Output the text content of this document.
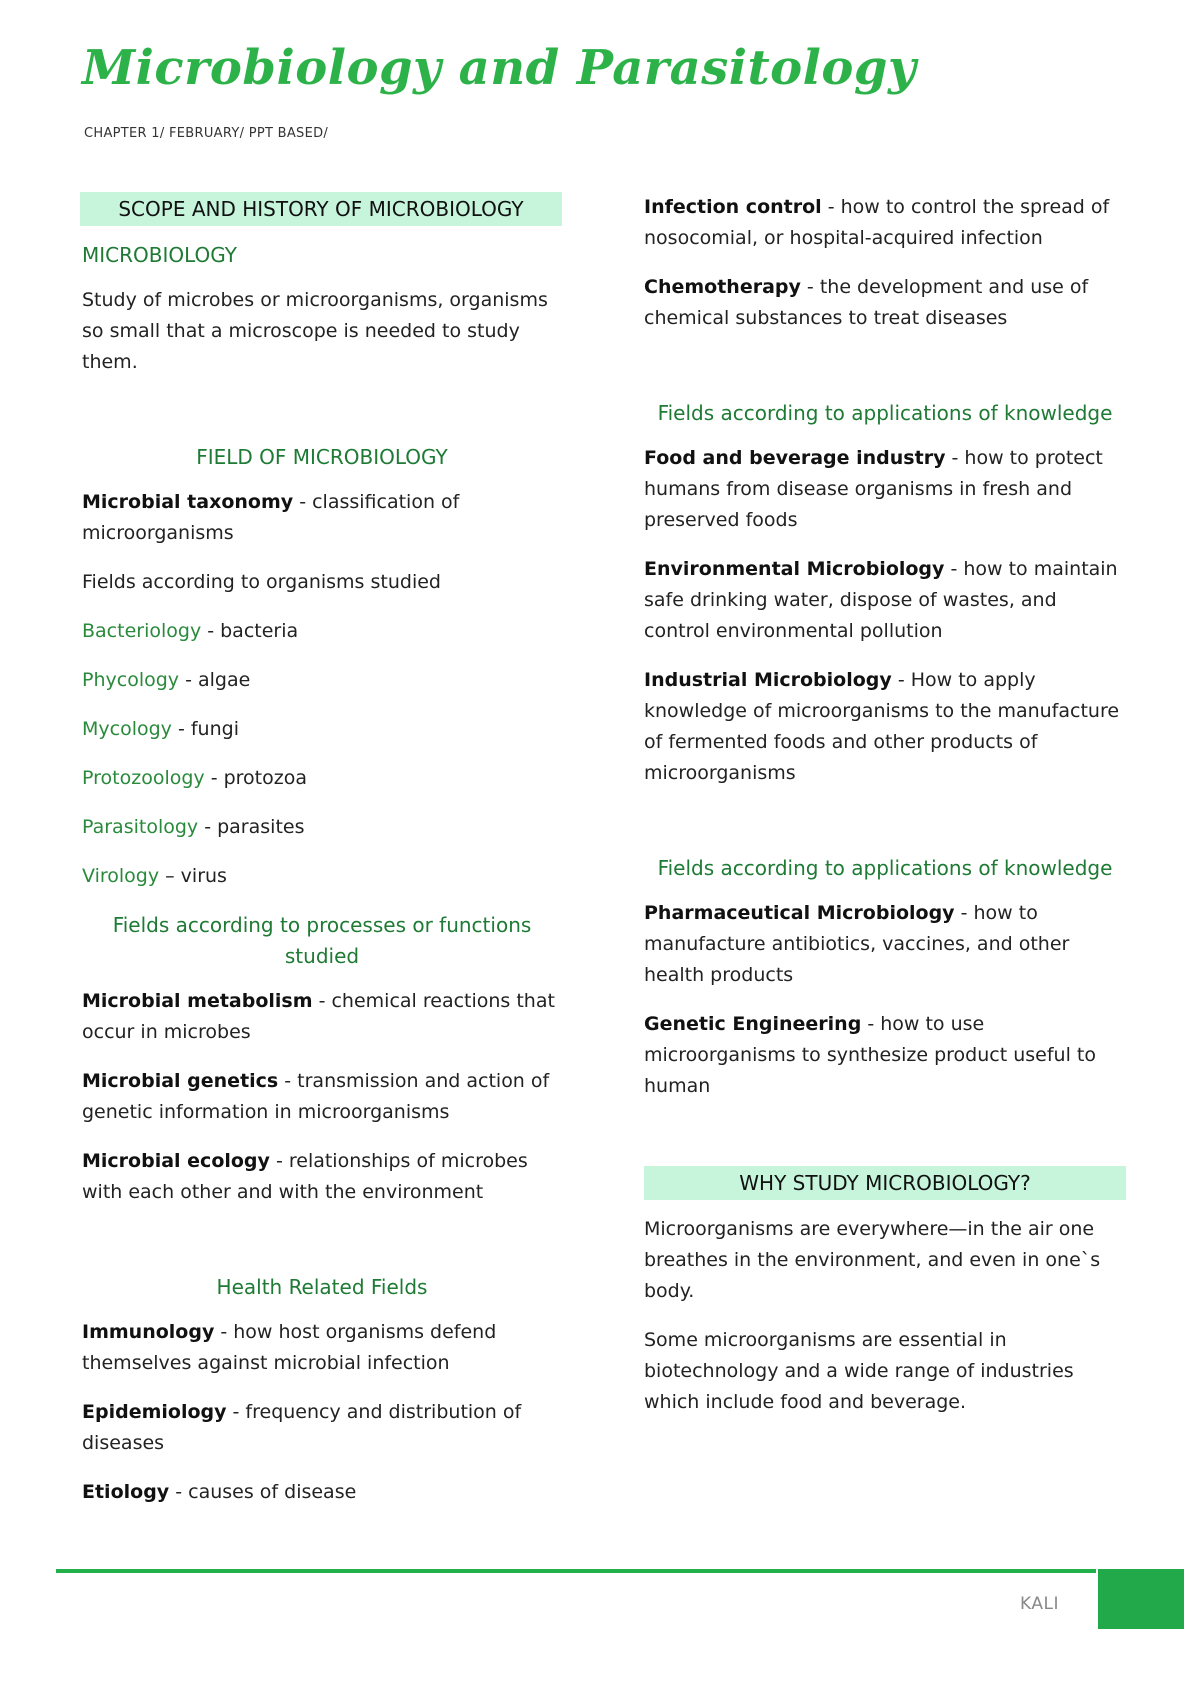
Microbiology and Parasitology
CHAPTER 1/ FEBRUARY/ PPT BASED/
SCOPE AND HISTORY OF MICROBIOLOGY
MICROBIOLOGY

Study of microbes or microorganisms, organisms so small that a microscope is needed to study them.

FIELD OF MICROBIOLOGY

Microbial taxonomy - classification of microorganisms

Fields according to organisms studied

Bacteriology - bacteria

Phycology - algae

Mycology - fungi

Protozoology - protozoa

Parasitology - parasites

Virology – virus

Fields according to processes or functions studied

Microbial metabolism - chemical reactions that occur in microbes

Microbial genetics - transmission and action of genetic information in microorganisms

Microbial ecology - relationships of microbes with each other and with the environment

Health Related Fields

Immunology - how host organisms defend themselves against microbial infection

Epidemiology - frequency and distribution of diseases

Etiology - causes of disease

Infection control - how to control the spread of nosocomial, or hospital-acquired infection

Chemotherapy - the development and use of chemical substances to treat diseases

Fields according to applications of knowledge

Food and beverage industry - how to protect humans from disease organisms in fresh and preserved foods

Environmental Microbiology - how to maintain safe drinking water, dispose of wastes, and control environmental pollution

Industrial Microbiology - How to apply knowledge of microorganisms to the manufacture of fermented foods and other products of microorganisms

Fields according to applications of knowledge

Pharmaceutical Microbiology - how to manufacture antibiotics, vaccines, and other health products

Genetic Engineering - how to use microorganisms to synthesize product useful to human

WHY STUDY MICROBIOLOGY?

Microorganisms are everywhere—in the air one breathes in the environment, and even in one`s body.

Some microorganisms are essential in biotechnology and a wide range of industries which include food and beverage.

KALI
